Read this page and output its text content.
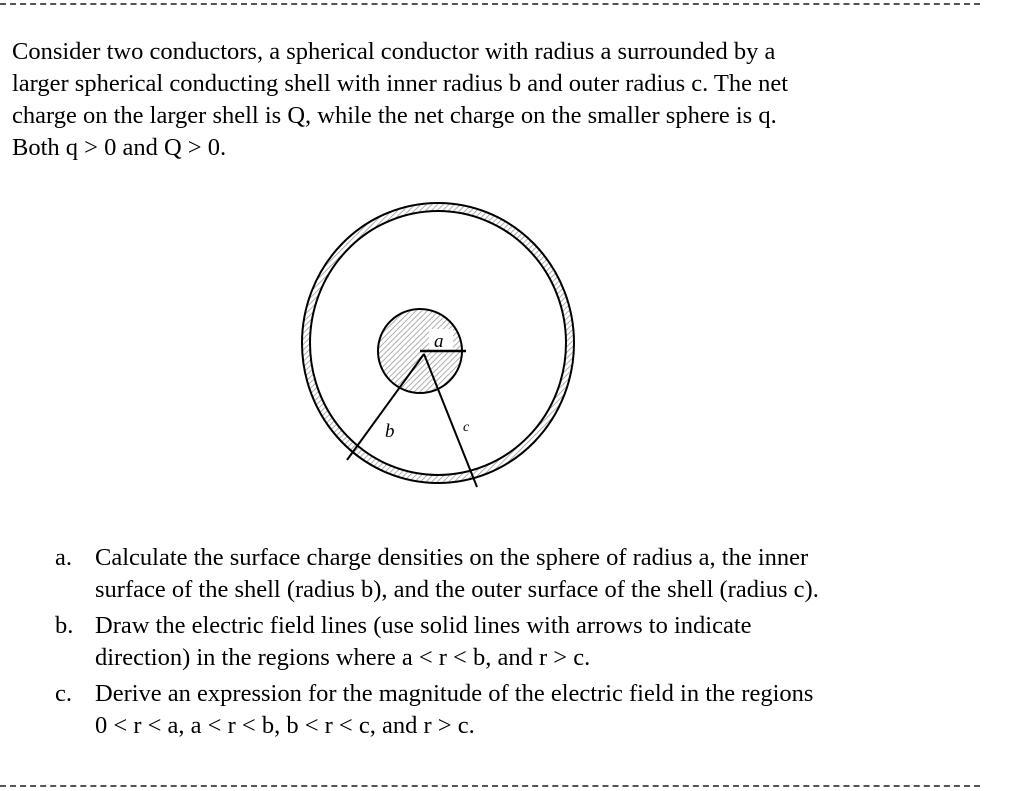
Consider two conductors, a spherical conductor with radius a surrounded by a

larger spherical conducting shell with inner radius b and outer radius c. The net

charge on the larger shell is Q, while the net charge on the smaller sphere is q.

Both q > 0 and Q > 0.

a
b	c
a. Calculate the surface charge densities on the sphere of radius a, the inner
surface of the shell (radius b), and the outer surface of the shell (radius c).
b. Draw the electric field lines (use solid lines with arrows to indicate
direction) in the regions where a < r < b, and r > c.
c. Derive an expression for the magnitude of the electric field in the regions
0 < r < a, a < r < b, b < r < c, and r > c.
